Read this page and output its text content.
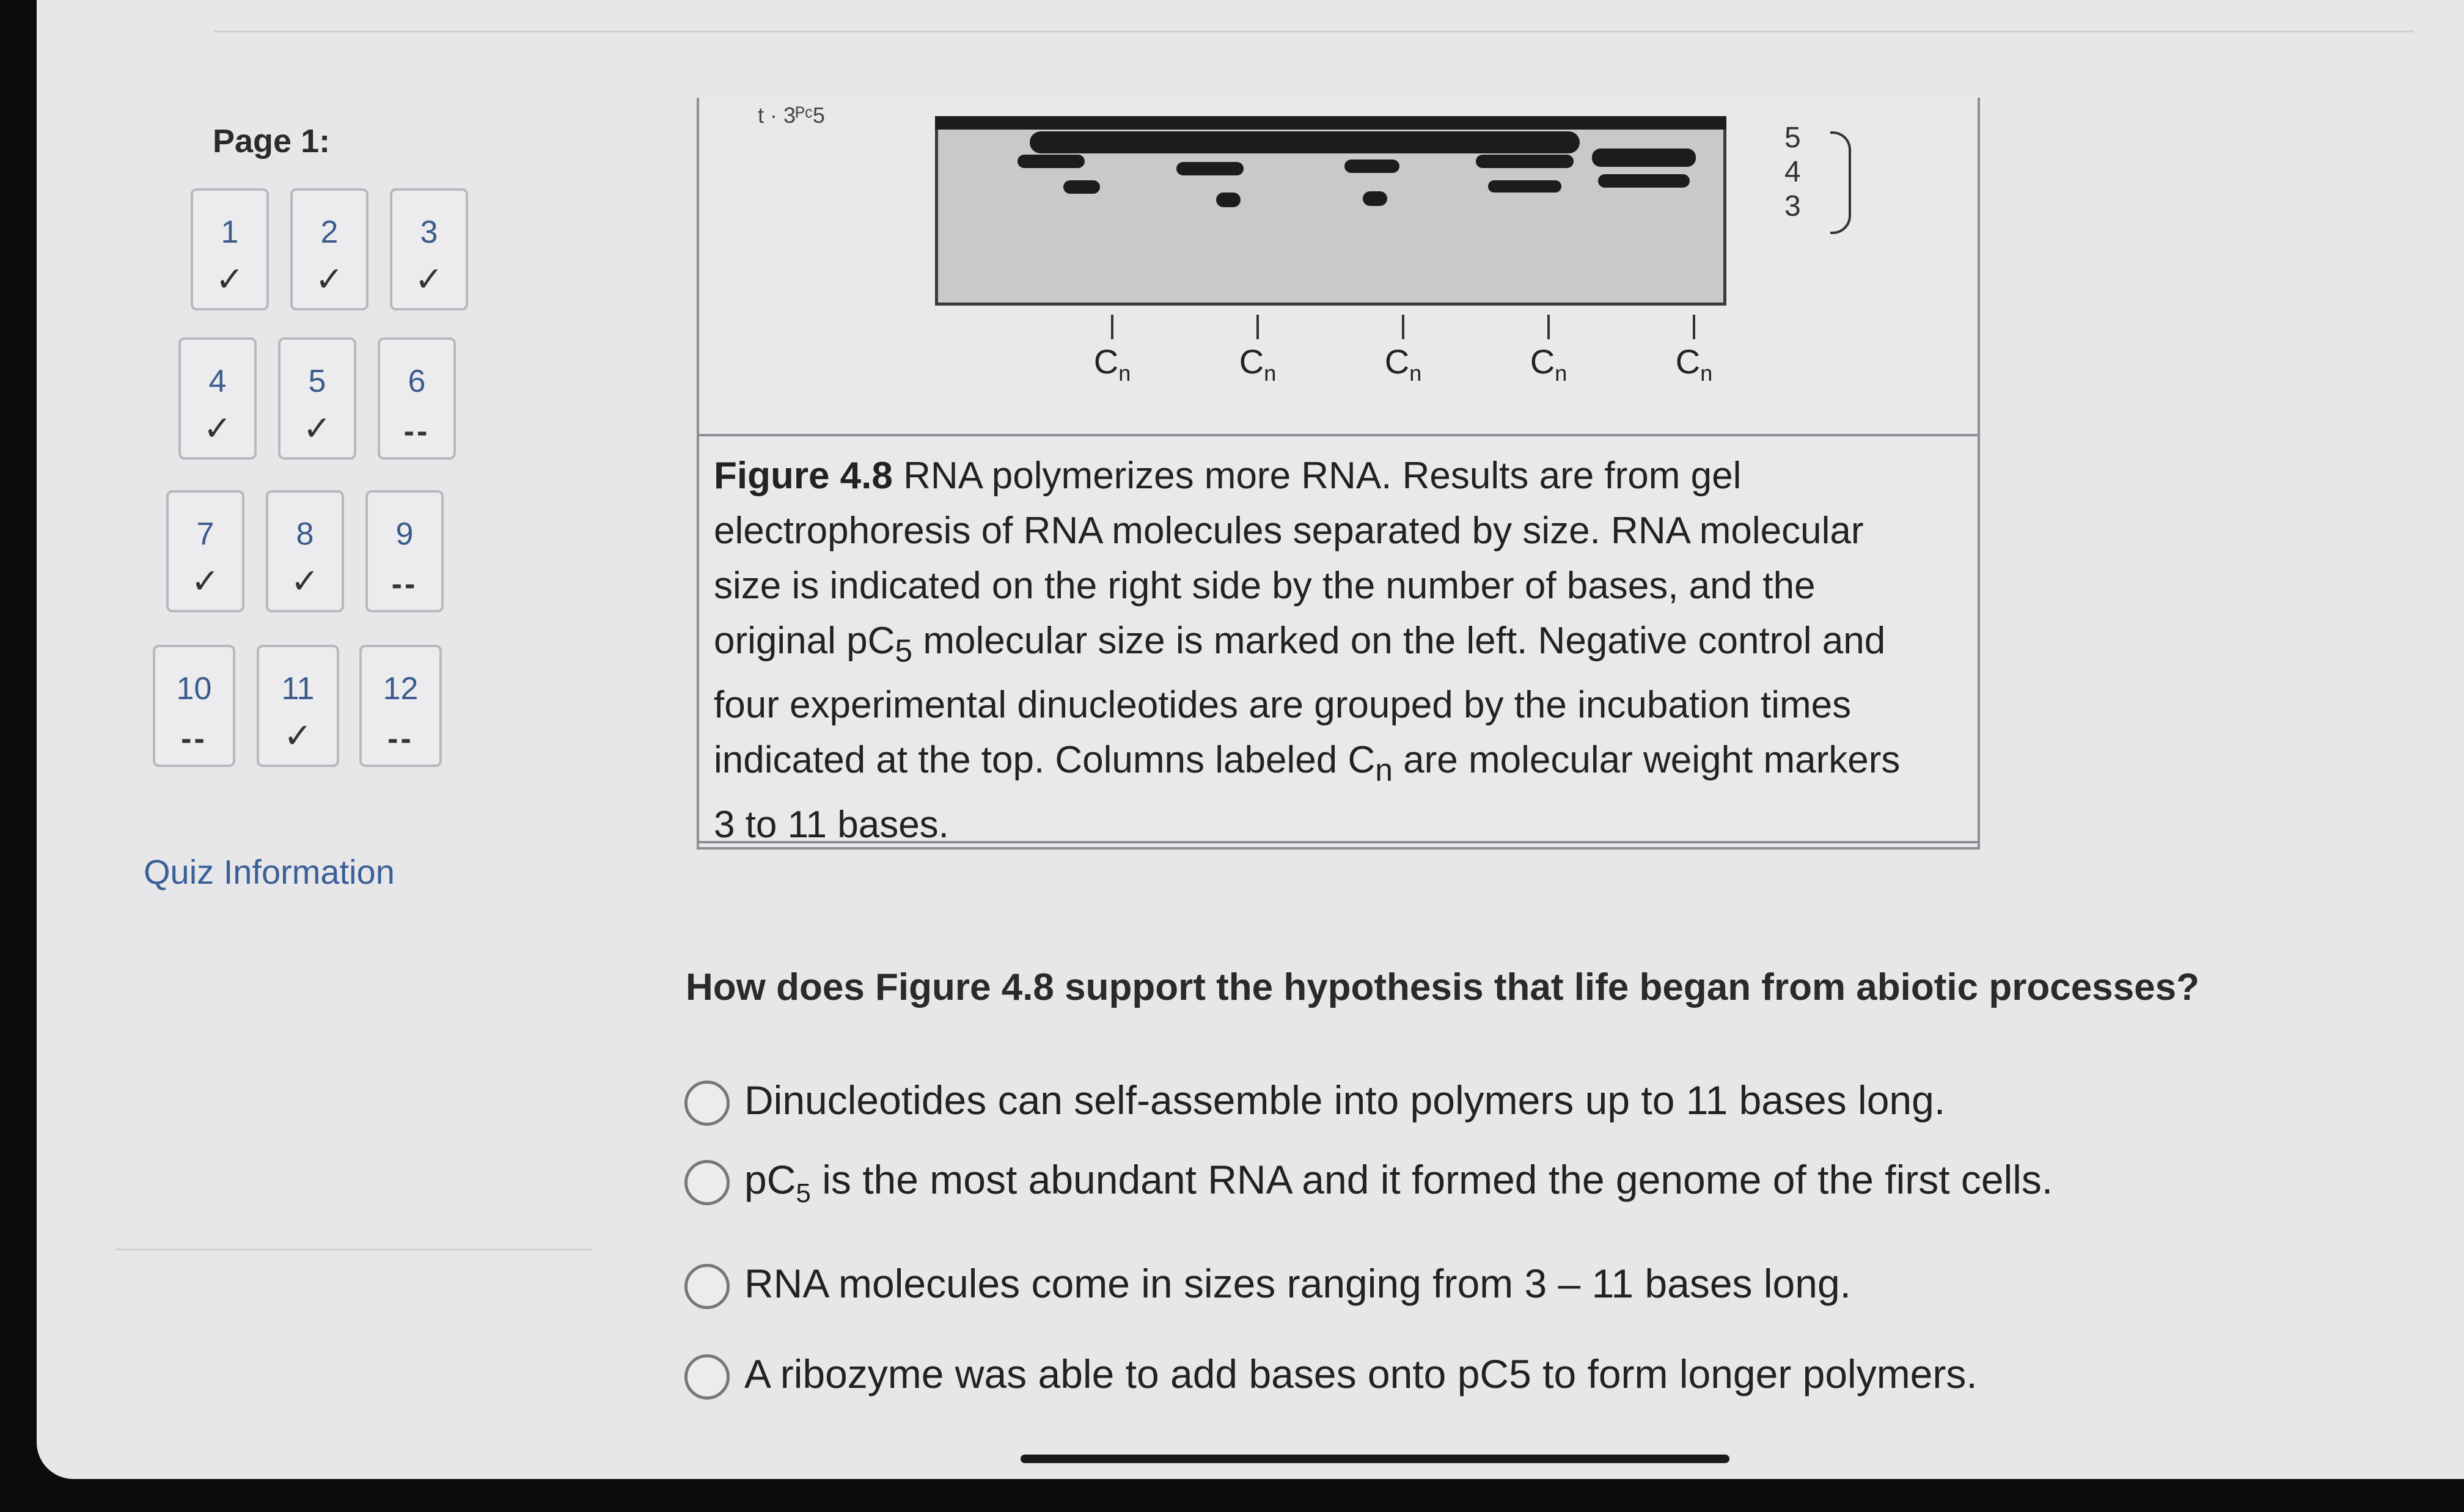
Page 1:
1
✓
2
✓
3
✓
4
✓
5
✓
6
--
7
✓
8
✓
9
--
10
--
11
✓
12
--
Quiz Information
t · 3ᴾᶜ5
5
4
3
$C_n$	$C_n$	$C_n$	$C_n$	$C_n$
Figure 4.8 RNA polymerizes more RNA. Results are from gel
electrophoresis of RNA molecules separated by size. RNA molecular
size is indicated on the right side by the number of bases, and the
original $pC_5$ molecular size is marked on the left. Negative control and
four experimental dinucleotides are grouped by the incubation times
indicated at the top. Columns labeled $C_n$ are molecular weight markers
3 to 11 bases.
How does Figure 4.8 support the hypothesis that life began from abiotic processes?
Dinucleotides can self-assemble into polymers up to 11 bases long.
$pC_5$ is the most abundant RNA and it formed the genome of the first cells.
RNA molecules come in sizes ranging from 3 – 11 bases long.
A ribozyme was able to add bases onto pC5 to form longer polymers.
